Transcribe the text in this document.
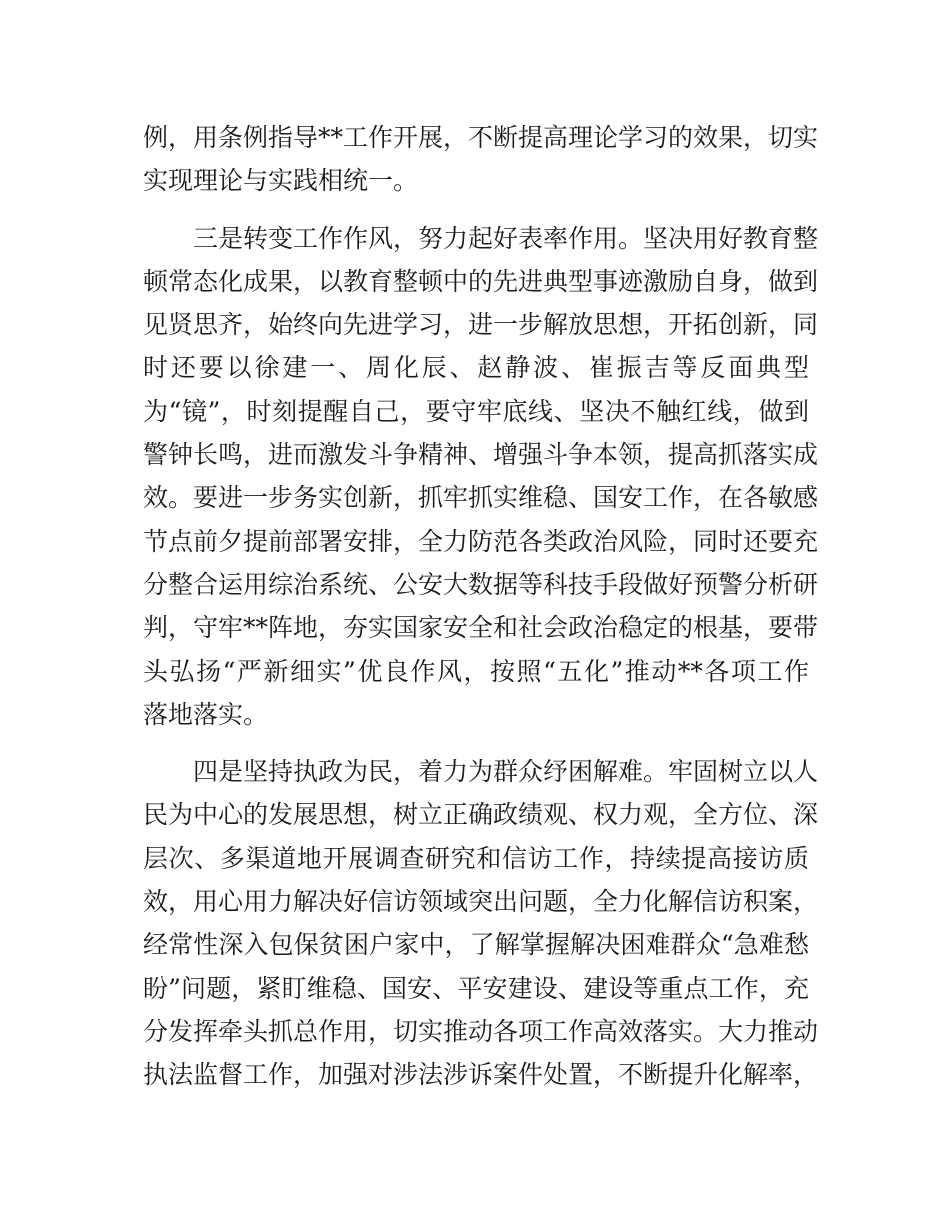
例，用条例指导**工作开展，不断提高理论学习的效果，切实
实现理论与实践相统一。

三是转变工作作风，努力起好表率作用。坚决用好教育整
顿常态化成果，以教育整顿中的先进典型事迹激励自身，做到
见贤思齐，始终向先进学习，进一步解放思想，开拓创新，同
时还要以徐建一、周化辰、赵静波、崔振吉等反面典型
为“镜”，时刻提醒自己，要守牢底线、坚决不触红线，做到
警钟长鸣，进而激发斗争精神、增强斗争本领，提高抓落实成
效。要进一步务实创新，抓牢抓实维稳、国安工作，在各敏感
节点前夕提前部署安排，全力防范各类政治风险，同时还要充
分整合运用综治系统、公安大数据等科技手段做好预警分析研
判，守牢**阵地，夯实国家安全和社会政治稳定的根基，要带
头弘扬“严新细实”优良作风，按照“五化”推动**各项工作
落地落实。

四是坚持执政为民，着力为群众纾困解难。牢固树立以人
民为中心的发展思想，树立正确政绩观、权力观，全方位、深
层次、多渠道地开展调查研究和信访工作，持续提高接访质
效，用心用力解决好信访领域突出问题，全力化解信访积案，
经常性深入包保贫困户家中，了解掌握解决困难群众“急难愁
盼”问题，紧盯维稳、国安、平安建设、建设等重点工作，充
分发挥牵头抓总作用，切实推动各项工作高效落实。大力推动
执法监督工作，加强对涉法涉诉案件处置，不断提升化解率，
